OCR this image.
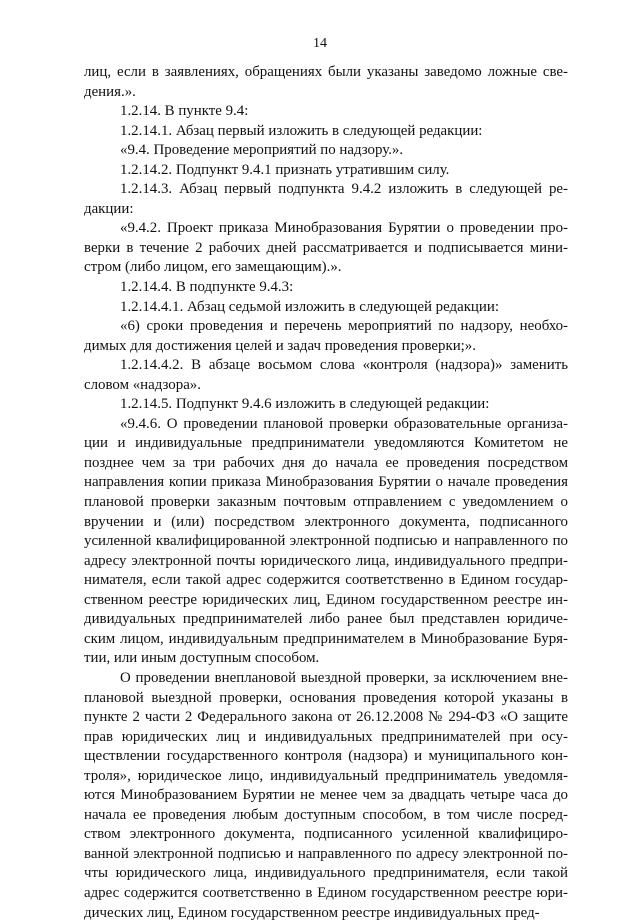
14

лиц, если в заявлениях, обращениях были указаны заведомо ложные сведения.».

1.2.14. В пункте 9.4:

1.2.14.1. Абзац первый изложить в следующей редакции:

«9.4. Проведение мероприятий по надзору.».

1.2.14.2. Подпункт 9.4.1 признать утратившим силу.

1.2.14.3. Абзац первый подпункта 9.4.2 изложить в следующей редакции:

«9.4.2. Проект приказа Минобразования Бурятии о проведении проверки в течение 2 рабочих дней рассматривается и подписывается министром (либо лицом, его замещающим).».

1.2.14.4. В подпункте 9.4.3:

1.2.14.4.1. Абзац седьмой изложить в следующей редакции:

«6) сроки проведения и перечень мероприятий по надзору, необходимых для достижения целей и задач проведения проверки;».

1.2.14.4.2. В абзаце восьмом слова «контроля (надзора)» заменить словом «надзора».

1.2.14.5. Подпункт 9.4.6 изложить в следующей редакции:

«9.4.6. О проведении плановой проверки образовательные организации и индивидуальные предприниматели уведомляются Комитетом не позднее чем за три рабочих дня до начала ее проведения посредством направления копии приказа Минобразования Бурятии о начале проведения плановой проверки заказным почтовым отправлением с уведомлением о вручении и (или) посредством электронного документа, подписанного усиленной квалифицированной электронной подписью и направленного по адресу электронной почты юридического лица, индивидуального предпринимателя, если такой адрес содержится соответственно в Едином государственном реестре юридических лиц, Едином государственном реестре индивидуальных предпринимателей либо ранее был представлен юридическим лицом, индивидуальным предпринимателем в Минобразование Бурятии, или иным доступным способом.

О проведении внеплановой выездной проверки, за исключением внеплановой выездной проверки, основания проведения которой указаны в пункте 2 части 2 Федерального закона от 26.12.2008 № 294-ФЗ «О защите прав юридических лиц и индивидуальных предпринимателей при осуществлении государственного контроля (надзора) и муниципального контроля», юридическое лицо, индивидуальный предприниматель уведомляются Минобразованием Бурятии не менее чем за двадцать четыре часа до начала ее проведения любым доступным способом, в том числе посредством электронного документа, подписанного усиленной квалифицированной электронной подписью и направленного по адресу электронной почты юридического лица, индивидуального предпринимателя, если такой адрес содержится соответственно в Едином государственном реестре юридических лиц, Едином государственном реестре индивидуальных пред-
